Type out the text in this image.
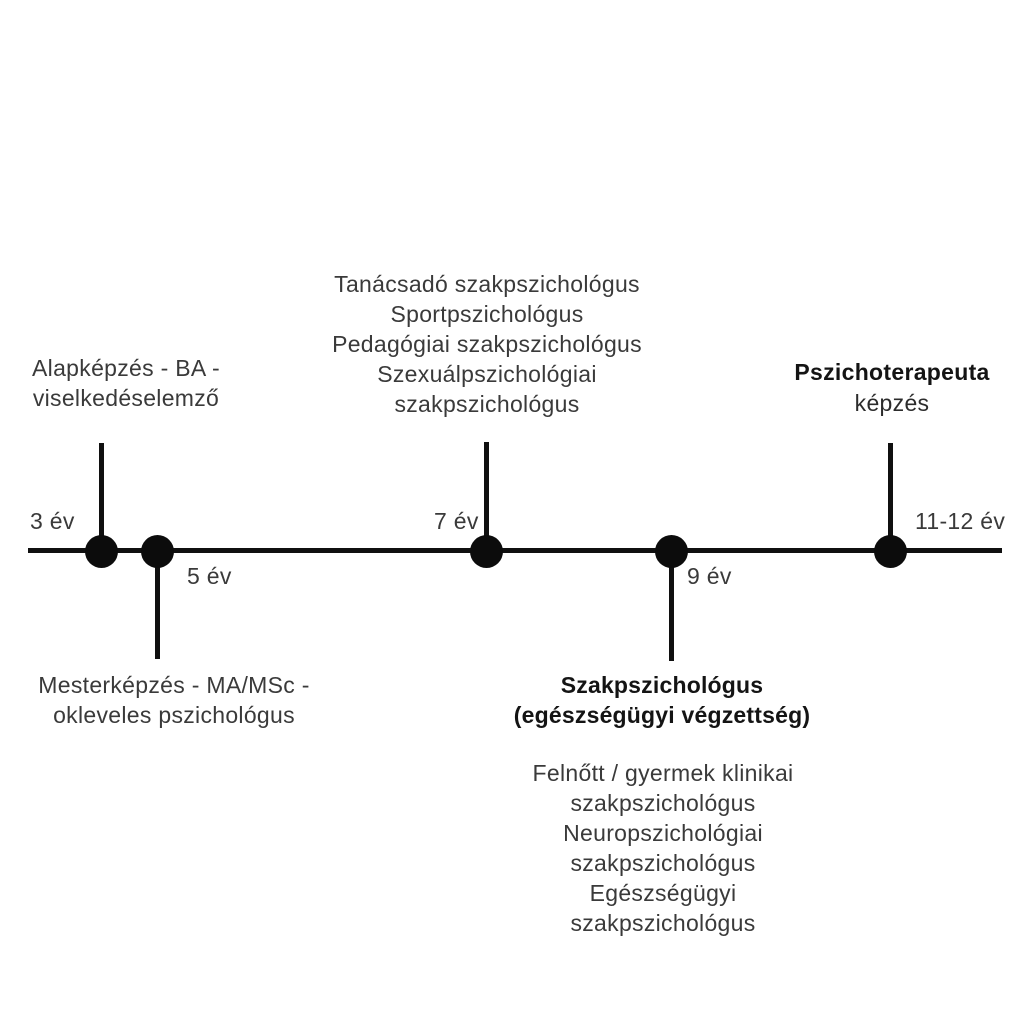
3 év
5 év
7 év
9 év
11-12 év
Alapképzés - BA -
viselkedéselemző
Mesterképzés - MA/MSc -
okleveles pszichológus
Tanácsadó szakpszichológus
Sportpszichológus
Pedagógiai szakpszichológus
Szexuálpszichológiai
szakpszichológus
Szakpszichológus
(egészségügyi végzettség)
Felnőtt / gyermek klinikai
szakpszichológus
Neuropszichológiai
szakpszichológus
Egészségügyi
szakpszichológus
Pszichoterapeuta
képzés
